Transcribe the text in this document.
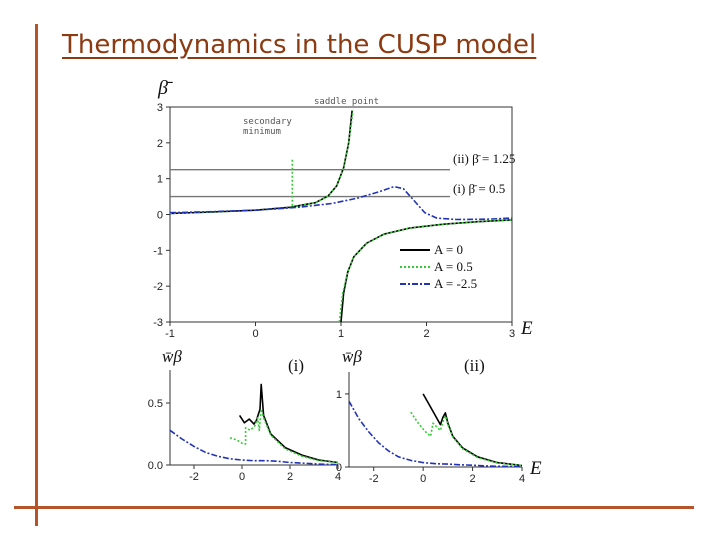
Thermodynamics in the CUSP model
β̄
E
saddle point
secondary
minimum
(ii) β̄ = 1.25
(i) β̄ = 0.5
A = 0
A = 0.5
A = -2.5
w̄β	(i) w̄β	(ii)
E
-1	0	1	2	3
3
2
1
0
-1
-2
-3
-2	0	2	4
0.5
0.0
-2	0	2	4
1
0
